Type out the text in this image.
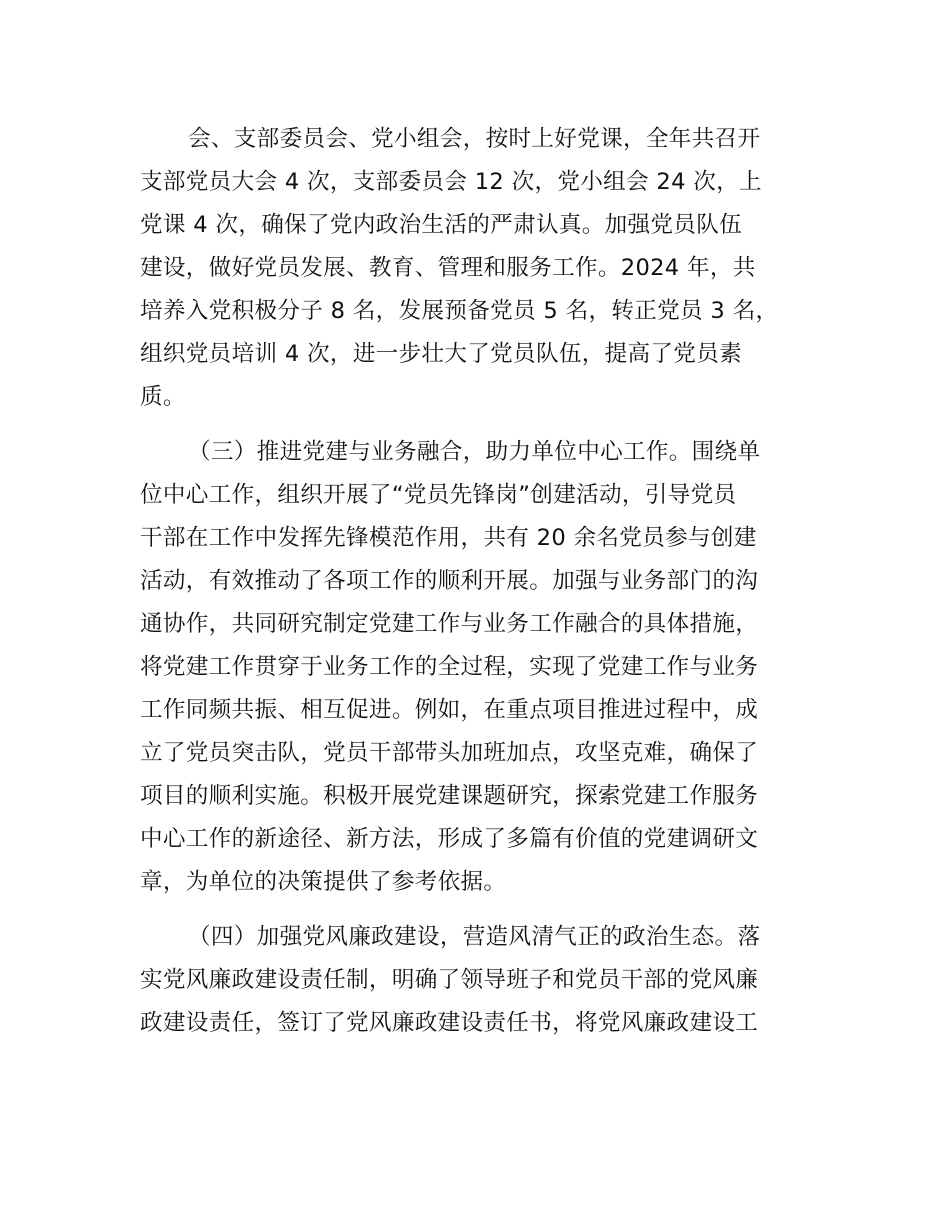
会、支部委员会、党小组会，按时上好党课，全年共召开
支部党员大会 4 次，支部委员会 12 次，党小组会 24 次，上
党课 4 次，确保了党内政治生活的严肃认真。加强党员队伍
建设，做好党员发展、教育、管理和服务工作。2024 年，共
培养入党积极分子 8 名，发展预备党员 5 名，转正党员 3 名，
组织党员培训 4 次，进一步壮大了党员队伍，提高了党员素
质。
（三）推进党建与业务融合，助力单位中心工作。围绕单
位中心工作，组织开展了“党员先锋岗”创建活动，引导党员
干部在工作中发挥先锋模范作用，共有 20 余名党员参与创建
活动，有效推动了各项工作的顺利开展。加强与业务部门的沟
通协作，共同研究制定党建工作与业务工作融合的具体措施，
将党建工作贯穿于业务工作的全过程，实现了党建工作与业务
工作同频共振、相互促进。例如，在重点项目推进过程中，成
立了党员突击队，党员干部带头加班加点，攻坚克难，确保了
项目的顺利实施。积极开展党建课题研究，探索党建工作服务
中心工作的新途径、新方法，形成了多篇有价值的党建调研文
章，为单位的决策提供了参考依据。
（四）加强党风廉政建设，营造风清气正的政治生态。落
实党风廉政建设责任制，明确了领导班子和党员干部的党风廉
政建设责任，签订了党风廉政建设责任书，将党风廉政建设工
